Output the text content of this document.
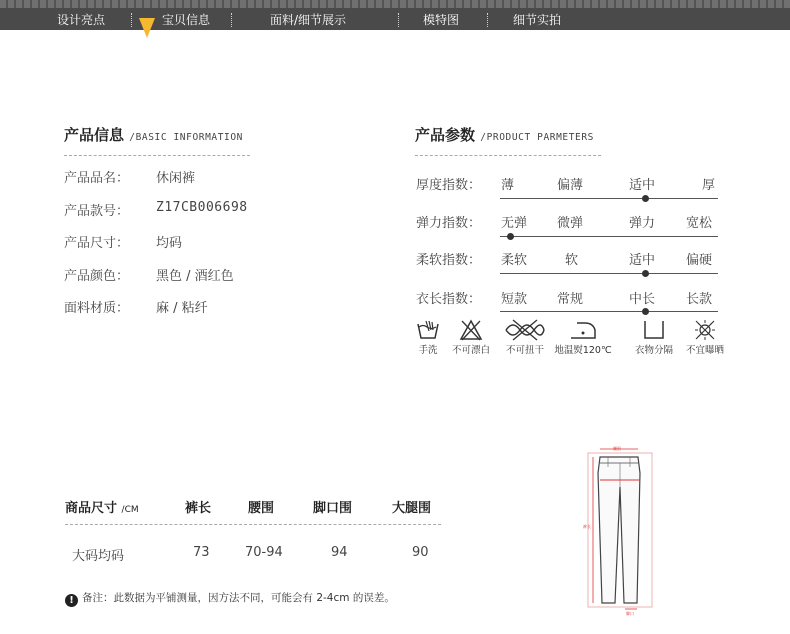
设计亮点	宝贝信息	面料/细节展示	模特图	细节实拍
产品信息 /BASIC INFORMATION
产品品名： 休闲裤
产品款号： Z17CB006698
产品尺寸： 均码
产品颜色： 黑色 / 酒红色
面料材质： 麻 / 粘纤
产品参数 /PRODUCT PARMETERS
厚度指数： 薄	偏薄	适中	厚
弹力指数： 无弹 微弹	弹力 宽松
柔软指数： 柔软	软	适中 偏硬
衣长指数： 短款 常规	中长 长款
手洗	不可漂白	不可扭干	地温熨120℃	衣物分隔	不宜曝晒
商品尺寸 /CM	裤长	腰围	脚口围	大腿围
大码均码	73	70-94	94	90
! 备注：此数据为平铺测量，因方法不同，可能会有 2-4cm 的误差。
腰围
裤长
脚口
